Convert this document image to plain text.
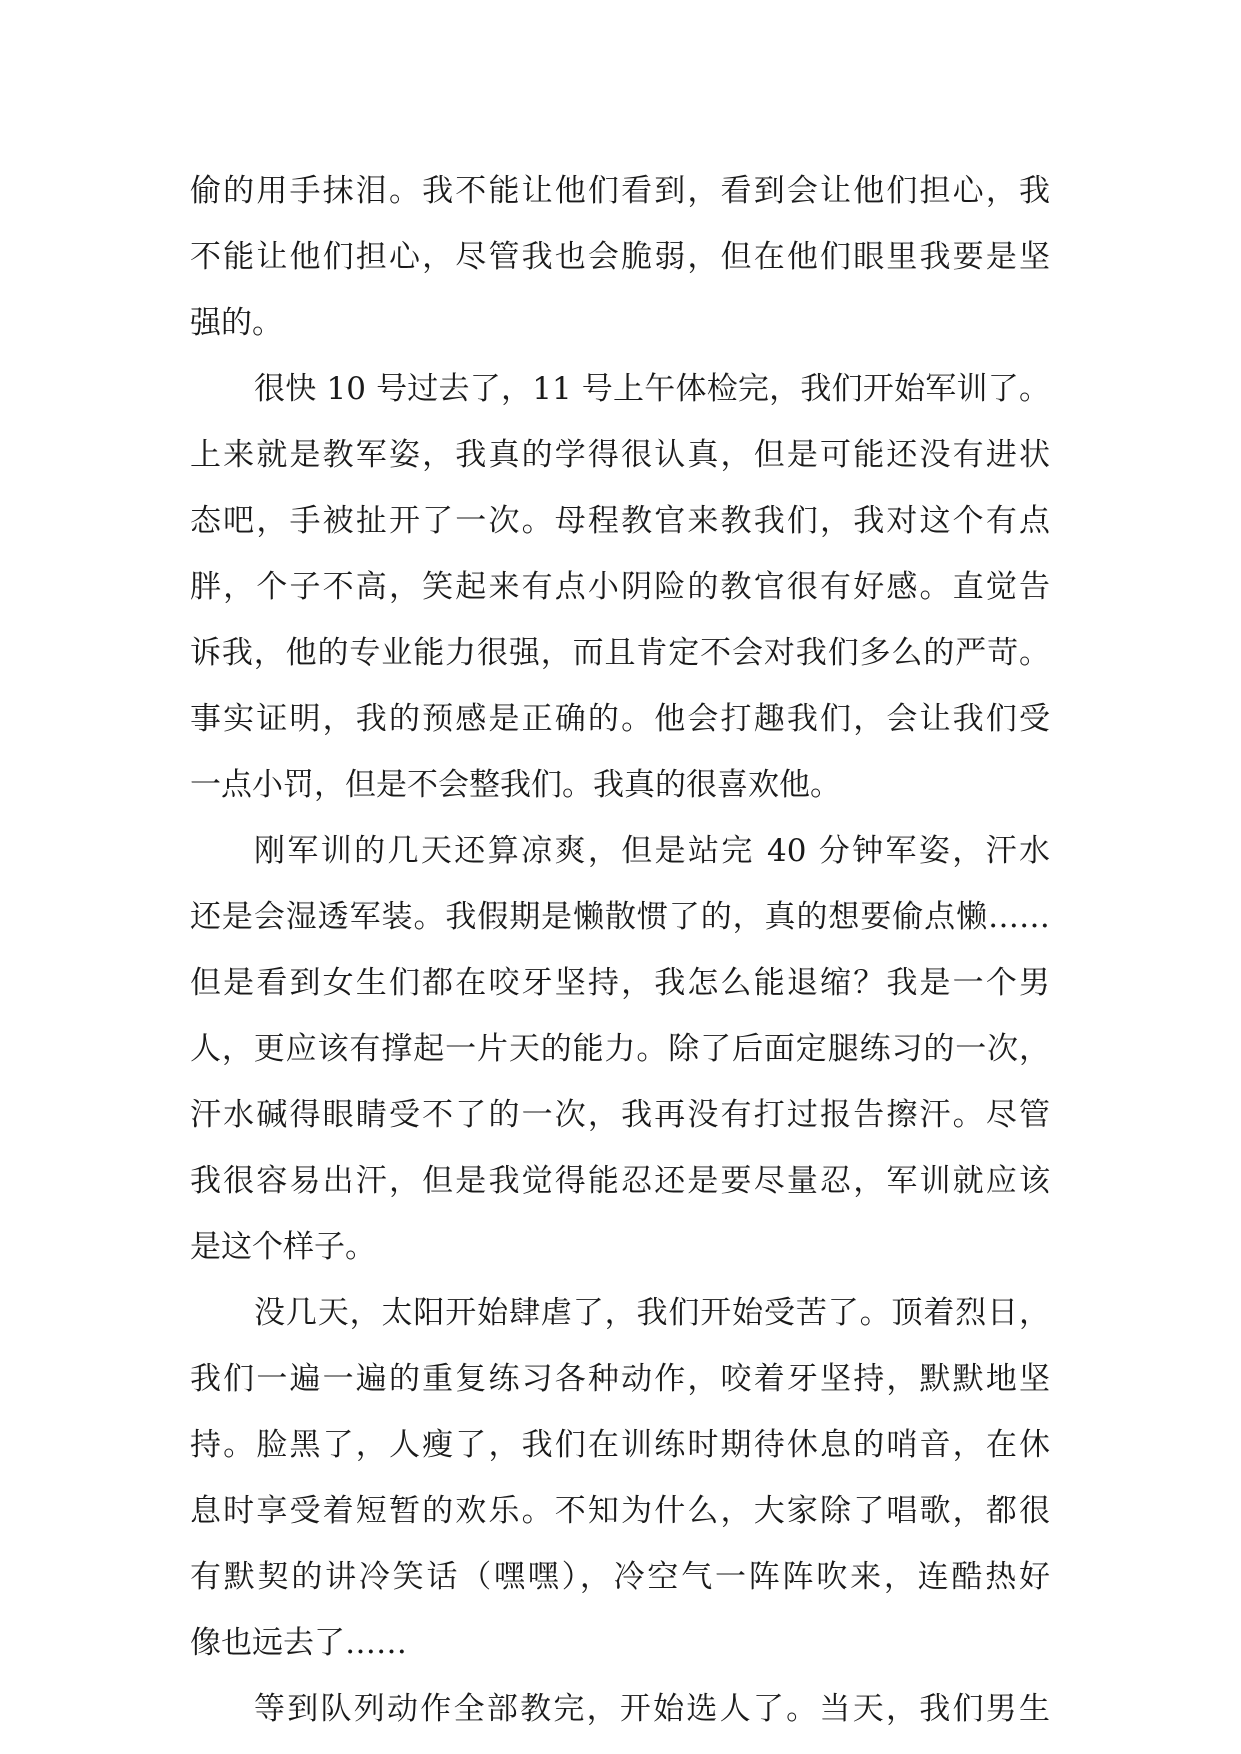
偷的用手抹泪。我不能让他们看到，看到会让他们担心，我
不能让他们担心，尽管我也会脆弱，但在他们眼里我要是坚
强的。
很快 10 号过去了，11 号上午体检完，我们开始军训了。
上来就是教军姿，我真的学得很认真，但是可能还没有进状
态吧，手被扯开了一次。母程教官来教我们，我对这个有点
胖，个子不高，笑起来有点小阴险的教官很有好感。直觉告
诉我，他的专业能力很强，而且肯定不会对我们多么的严苛。
事实证明，我的预感是正确的。他会打趣我们，会让我们受
一点小罚，但是不会整我们。我真的很喜欢他。
刚军训的几天还算凉爽，但是站完 40 分钟军姿，汗水
还是会湿透军装。我假期是懒散惯了的，真的想要偷点懒……
但是看到女生们都在咬牙坚持，我怎么能退缩？我是一个男
人，更应该有撑起一片天的能力。除了后面定腿练习的一次，
汗水碱得眼睛受不了的一次，我再没有打过报告擦汗。尽管
我很容易出汗，但是我觉得能忍还是要尽量忍，军训就应该
是这个样子。
没几天，太阳开始肆虐了，我们开始受苦了。顶着烈日，
我们一遍一遍的重复练习各种动作，咬着牙坚持，默默地坚
持。脸黑了，人瘦了，我们在训练时期待休息的哨音，在休
息时享受着短暂的欢乐。不知为什么，大家除了唱歌，都很
有默契的讲冷笑话（嘿嘿），冷空气一阵阵吹来，连酷热好
像也远去了……
等到队列动作全部教完，开始选人了。当天，我们男生
